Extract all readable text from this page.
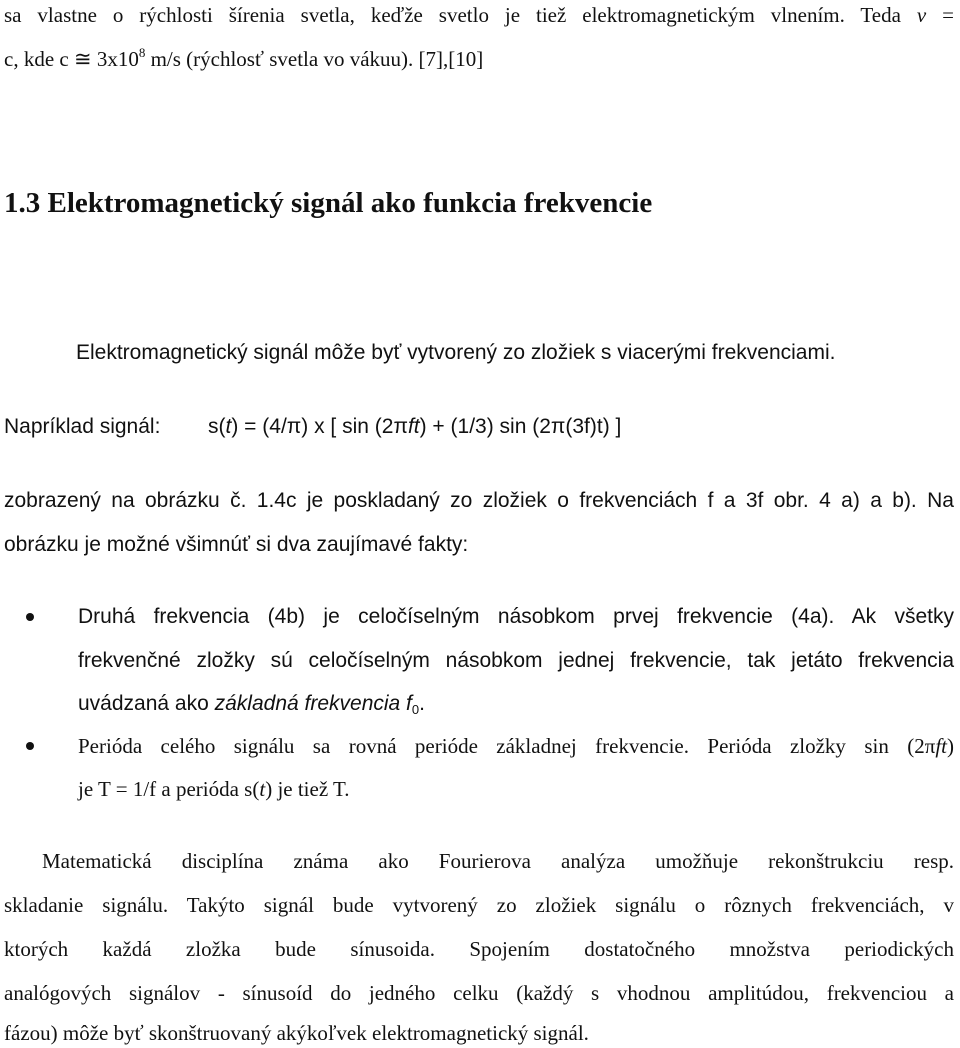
sa vlastne o rýchlosti šírenia svetla, keďže svetlo je tiež elektromagnetickým vlnením. Teda v =
c, kde c ≅ $3x10^8$ m/s (rýchlosť svetla vo vákuu). [7],[10]
1.3 Elektromagnetický signál ako funkcia frekvencie
Elektromagnetický signál môže byť vytvorený zo zložiek s viacerými frekvenciami.
Napríklad signál: s(t) = (4/π) x [ sin (2πft) + (1/3) sin (2π(3f)t) ]
zobrazený na obrázku č. 1.4c je poskladaný zo zložiek o frekvenciách f a 3f obr. 4 a) a b). Na
obrázku je možné všimnúť si dva zaujímavé fakty:
Druhá frekvencia (4b) je celočíselným násobkom prvej frekvencie (4a). Ak všetky
frekvenčné zložky sú celočíselným násobkom jednej frekvencie, tak jetáto frekvencia
uvádzaná ako základná frekvencia $f_0$.
Perióda celého signálu sa rovná perióde základnej frekvencie. Perióda zložky sin (2πft)
je T = 1/f a perióda s(t) je tiež T.
Matematická disciplína známa ako Fourierova analýza umožňuje rekonštrukciu resp.
skladanie signálu. Takýto signál bude vytvorený zo zložiek signálu o rôznych frekvenciách, v
ktorých každá zložka bude sínusoida. Spojením dostatočného množstva periodických
analógových signálov - sínusoíd do jedného celku (každý s vhodnou amplitúdou, frekvenciou a
fázou) môže byť skonštruovaný akýkoľvek elektromagnetický signál.
